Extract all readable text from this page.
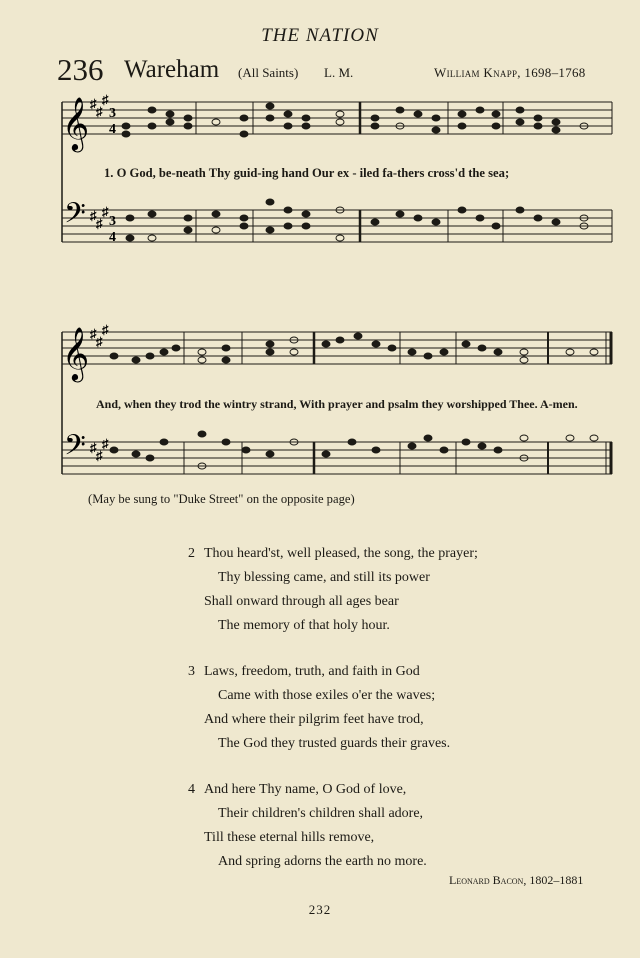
THE NATION
236 Wareham (All Saints) L. M.	William Knapp, 1698–1768
𝄞
𝄢
♯
♯
♯
♯
♯
♯
3
4
3
4
1. O God, be-neath Thy guid-ing hand Our ex - iled fa-thers cross'd the sea;
𝄞
𝄢
♯
♯
♯
♯
♯
♯
And, when they trod the wintry strand, With prayer and psalm they worshipped Thee. A-men.
(May be sung to "Duke Street" on the opposite page)
2 Thou heard'st, well pleased, the song, the prayer;
Thy blessing came, and still its power
Shall onward through all ages bear
The memory of that holy hour.
3 Laws, freedom, truth, and faith in God
Came with those exiles o'er the waves;
And where their pilgrim feet have trod,
The God they trusted guards their graves.
4 And here Thy name, O God of love,
Their children's children shall adore,
Till these eternal hills remove,
And spring adorns the earth no more.
Leonard Bacon, 1802–1881
232
